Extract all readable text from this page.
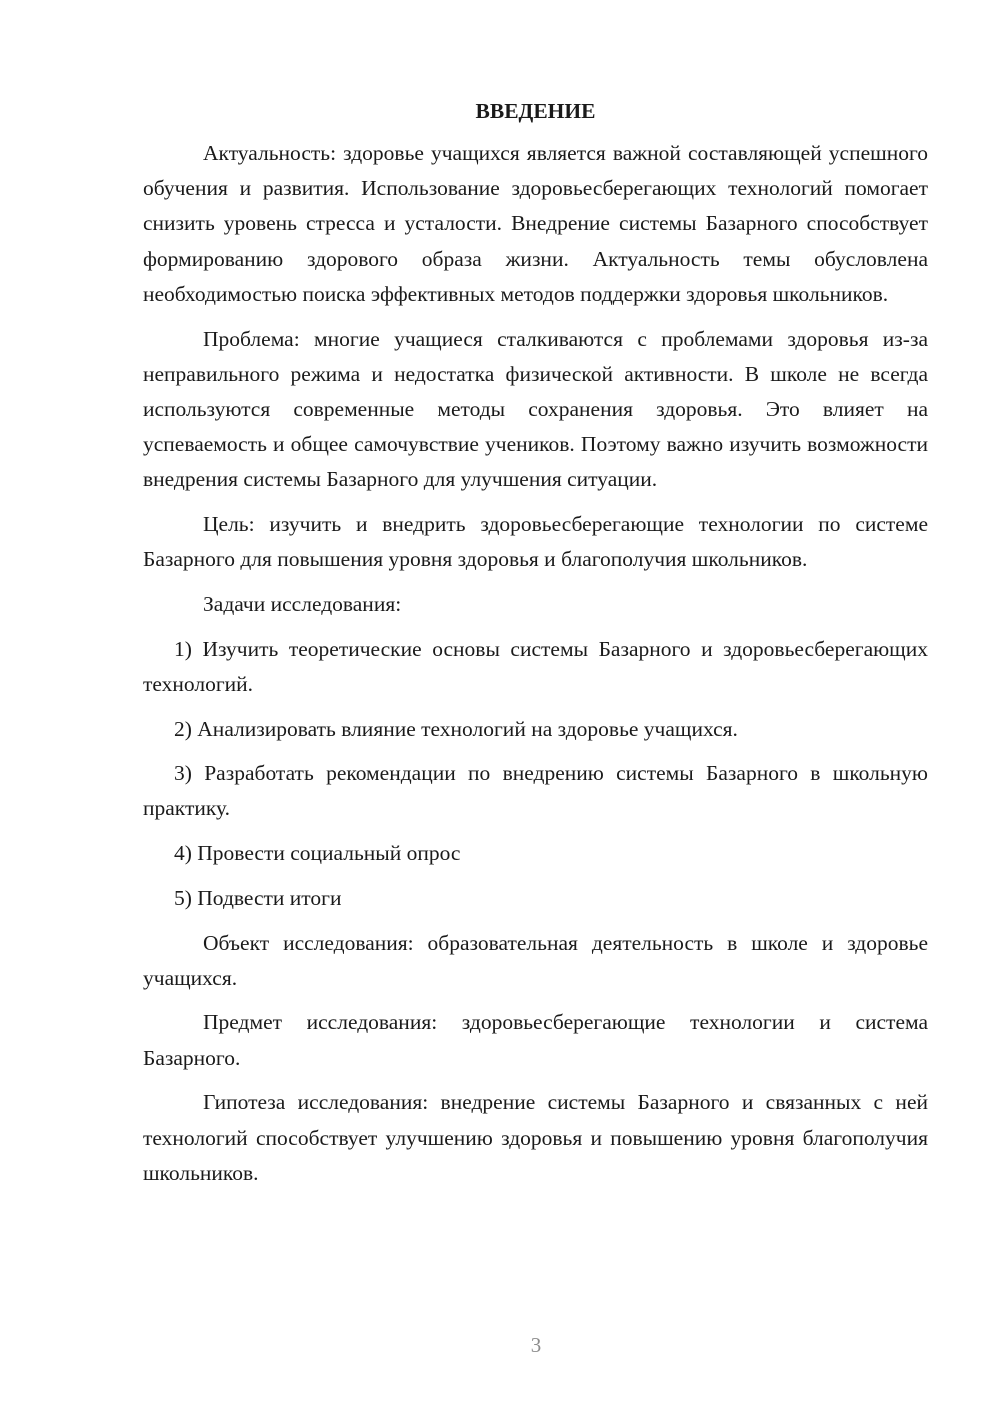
ВВЕДЕНИЕ

Актуальность: здоровье учащихся является важной составляющей успешного обучения и развития. Использование здоровьесберегающих технологий помогает снизить уровень стресса и усталости. Внедрение системы Базарного способствует формированию здорового образа жизни. Актуальность темы обусловлена необходимостью поиска эффективных методов поддержки здоровья школьников.

Проблема: многие учащиеся сталкиваются с проблемами здоровья из-за неправильного режима и недостатка физической активности. В школе не всегда используются современные методы сохранения здоровья. Это влияет на успеваемость и общее самочувствие учеников. Поэтому важно изучить возможности внедрения системы Базарного для улучшения ситуации.

Цель: изучить и внедрить здоровьесберегающие технологии по системе Базарного для повышения уровня здоровья и благополучия школьников.

Задачи исследования:

1) Изучить теоретические основы системы Базарного и здоровьесберегающих технологий.

2) Анализировать влияние технологий на здоровье учащихся.

3) Разработать рекомендации по внедрению системы Базарного в школьную практику.

4) Провести социальный опрос

5) Подвести итоги

Объект исследования: образовательная деятельность в школе и здоровье учащихся.

Предмет исследования: здоровьесберегающие технологии и система Базарного.

Гипотеза исследования: внедрение системы Базарного и связанных с ней технологий способствует улучшению здоровья и повышению уровня благополучия школьников.

3
